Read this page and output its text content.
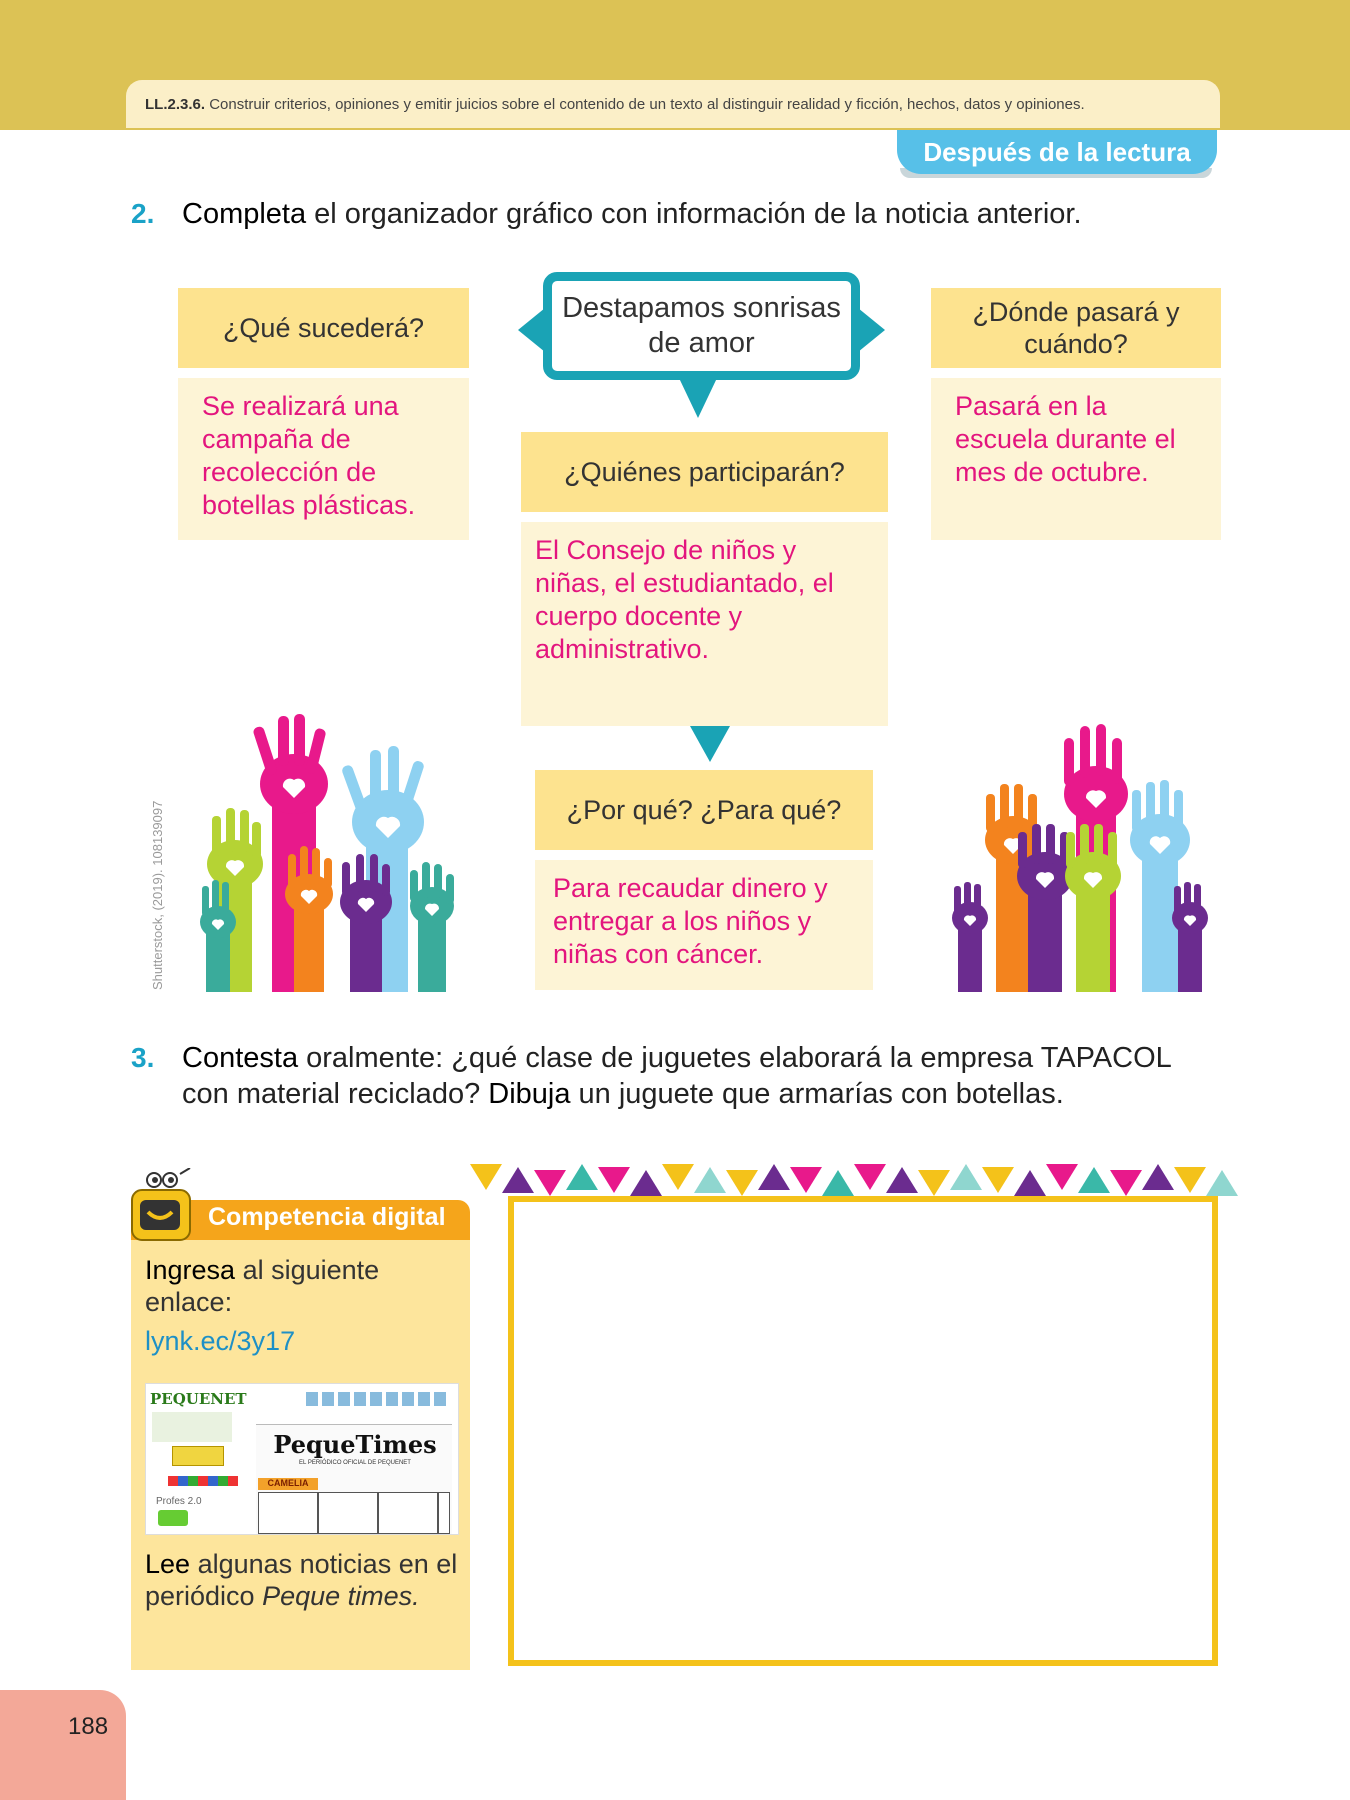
LL.2.3.6. Construir criterios, opiniones y emitir juicios sobre el contenido de un texto al distinguir realidad y ficción, hechos, datos y opiniones.
Después de la lectura
2. Completa el organizador gráfico con información de la noticia anterior.
Destapamos sonrisas de amor
¿Qué sucederá?
Se realizará una campaña de recolección de botellas plásticas.
¿Dónde pasará y cuándo?
Pasará en la escuela durante el mes de octubre.
¿Quiénes participarán?
El Consejo de niños y niñas, el estudiantado, el cuerpo docente y administrativo.
¿Por qué? ¿Para qué?
Para recaudar dinero y entregar a los niños y niñas con cáncer.
Shutterstock, (2019). 108139097
3. Contesta oralmente: ¿qué clase de juguetes elaborará la empresa TAPACOL con material reciclado? Dibuja un juguete que armarías con botellas.
Competencia digital
Ingresa al siguiente enlace:
lynk.ec/3y17
PEQUENET
Profes 2.0
PequeTimes
EL PERIÓDICO OFICIAL DE PEQUENET
CAMELIA
Lee algunas noticias en el periódico Peque times.
188
